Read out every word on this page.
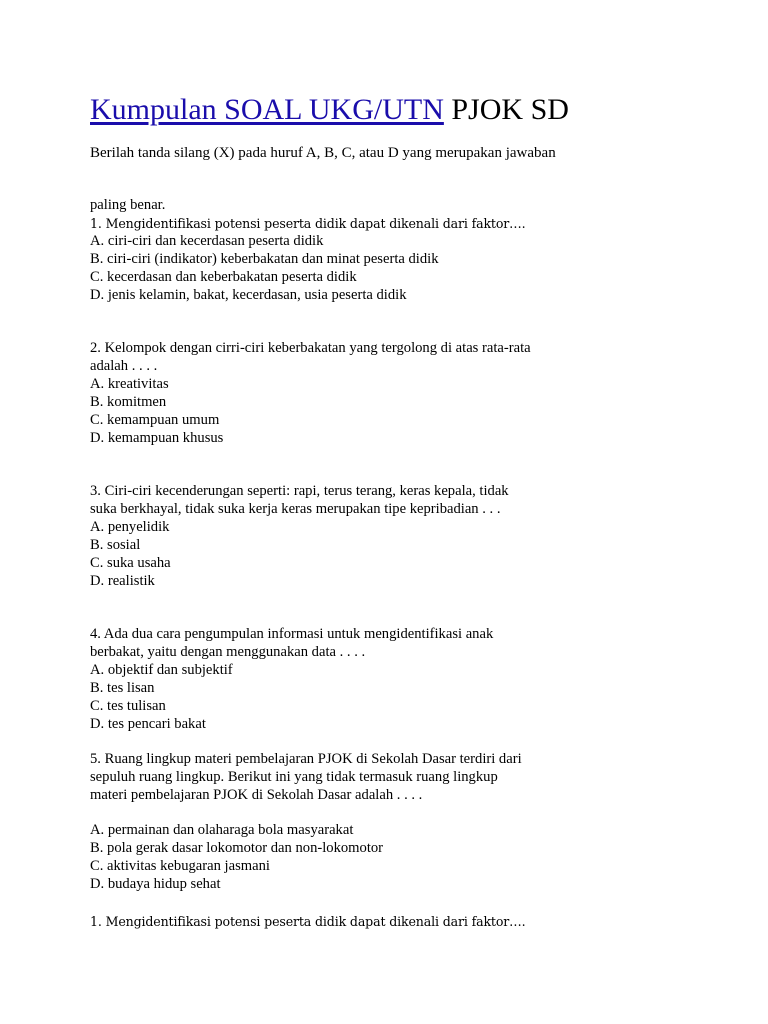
Kumpulan SOAL UKG/UTN PJOK SD
Berilah tanda silang (X) pada huruf A, B, C, atau D yang merupakan jawaban
paling benar.
1. Mengidentifikasi potensi peserta didik dapat dikenali dari faktor….
A. ciri-ciri dan kecerdasan peserta didik
B. ciri-ciri (indikator) keberbakatan dan minat peserta didik
C. kecerdasan dan keberbakatan peserta didik
D. jenis kelamin, bakat, kecerdasan, usia peserta didik
2. Kelompok dengan cirri-ciri keberbakatan yang tergolong di atas rata-rata
adalah . . . .
A. kreativitas
B. komitmen
C. kemampuan umum
D. kemampuan khusus
3. Ciri-ciri kecenderungan seperti: rapi, terus terang, keras kepala, tidak
suka berkhayal, tidak suka kerja keras merupakan tipe kepribadian . . .
A. penyelidik
B. sosial
C. suka usaha
D. realistik
4. Ada dua cara pengumpulan informasi untuk mengidentifikasi anak
berbakat, yaitu dengan menggunakan data . . . .
A. objektif dan subjektif
B. tes lisan
C. tes tulisan
D. tes pencari bakat
5. Ruang lingkup materi pembelajaran PJOK di Sekolah Dasar terdiri dari
sepuluh ruang lingkup. Berikut ini yang tidak termasuk ruang lingkup
materi pembelajaran PJOK di Sekolah Dasar adalah . . . .
A. permainan dan olaharaga bola masyarakat
B. pola gerak dasar lokomotor dan non-lokomotor
C. aktivitas kebugaran jasmani
D. budaya hidup sehat
1. Mengidentifikasi potensi peserta didik dapat dikenali dari faktor….
